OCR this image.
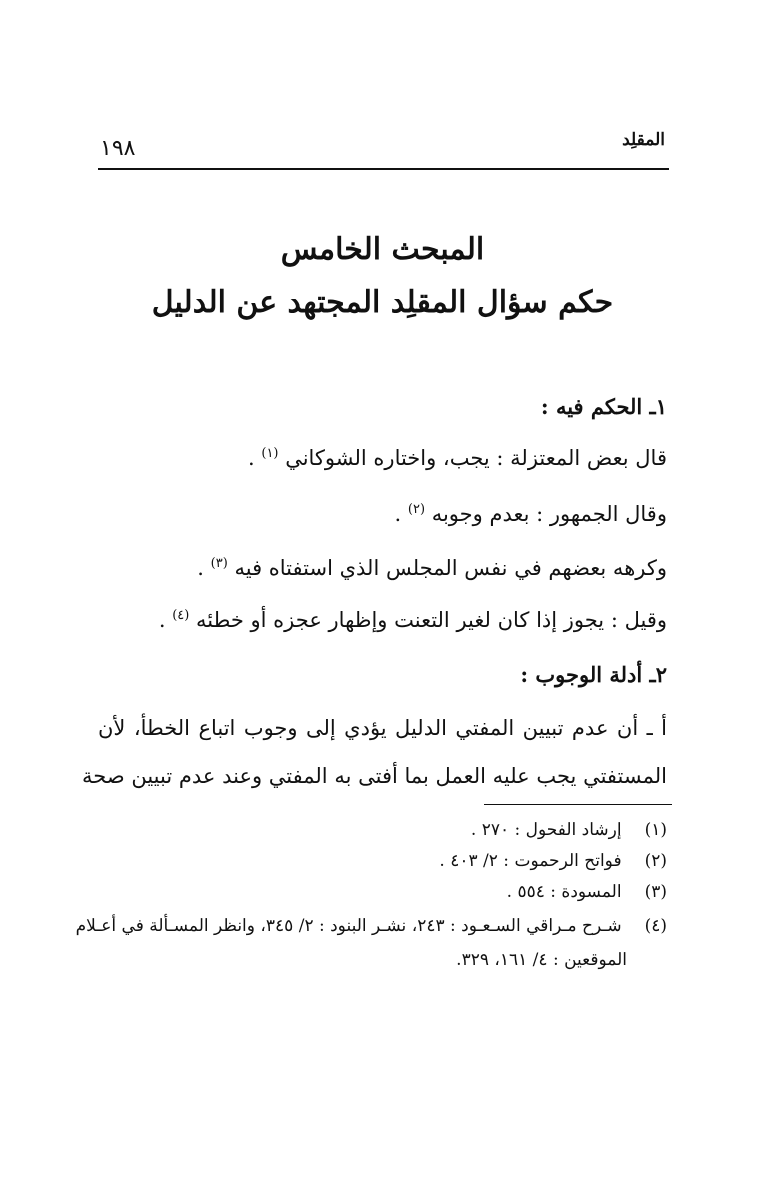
المقلِد
١٩٨
المبحث الخامس
حكم سؤال المقلِد المجتهد عن الدليل
١ـ الحكم فيه :
قال بعض المعتزلة : يجب، واختاره الشوكاني $^{(١)}$ .
وقال الجمهور : بعدم وجوبه $^{(٢)}$ .
وكرهه بعضهم في نفس المجلس الذي استفتاه فيه $^{(٣)}$ .
وقيل : يجوز إذا كان لغير التعنت وإظهار عجزه أو خطئه $^{(٤)}$ .
٢ـ أدلة الوجوب :
أ ـ أن عدم تبيين المفتي الدليل يؤدي إلى وجوب اتباع الخطأ، لأن
المستفتي يجب عليه العمل بما أفتى به المفتي وعند عدم تبيين صحة
(١) إرشاد الفحول : ٢٧٠ .
(٢) فواتح الرحموت : ٢/ ٤٠٣ .
(٣) المسودة : ٥٥٤ .
(٤) شـرح مـراقي السـعـود : ٢٤٣، نشـر البنود : ٢/ ٣٤٥، وانظر المسـألة في أعـلام
الموقعين : ٤/ ١٦١، ٣٢٩.
